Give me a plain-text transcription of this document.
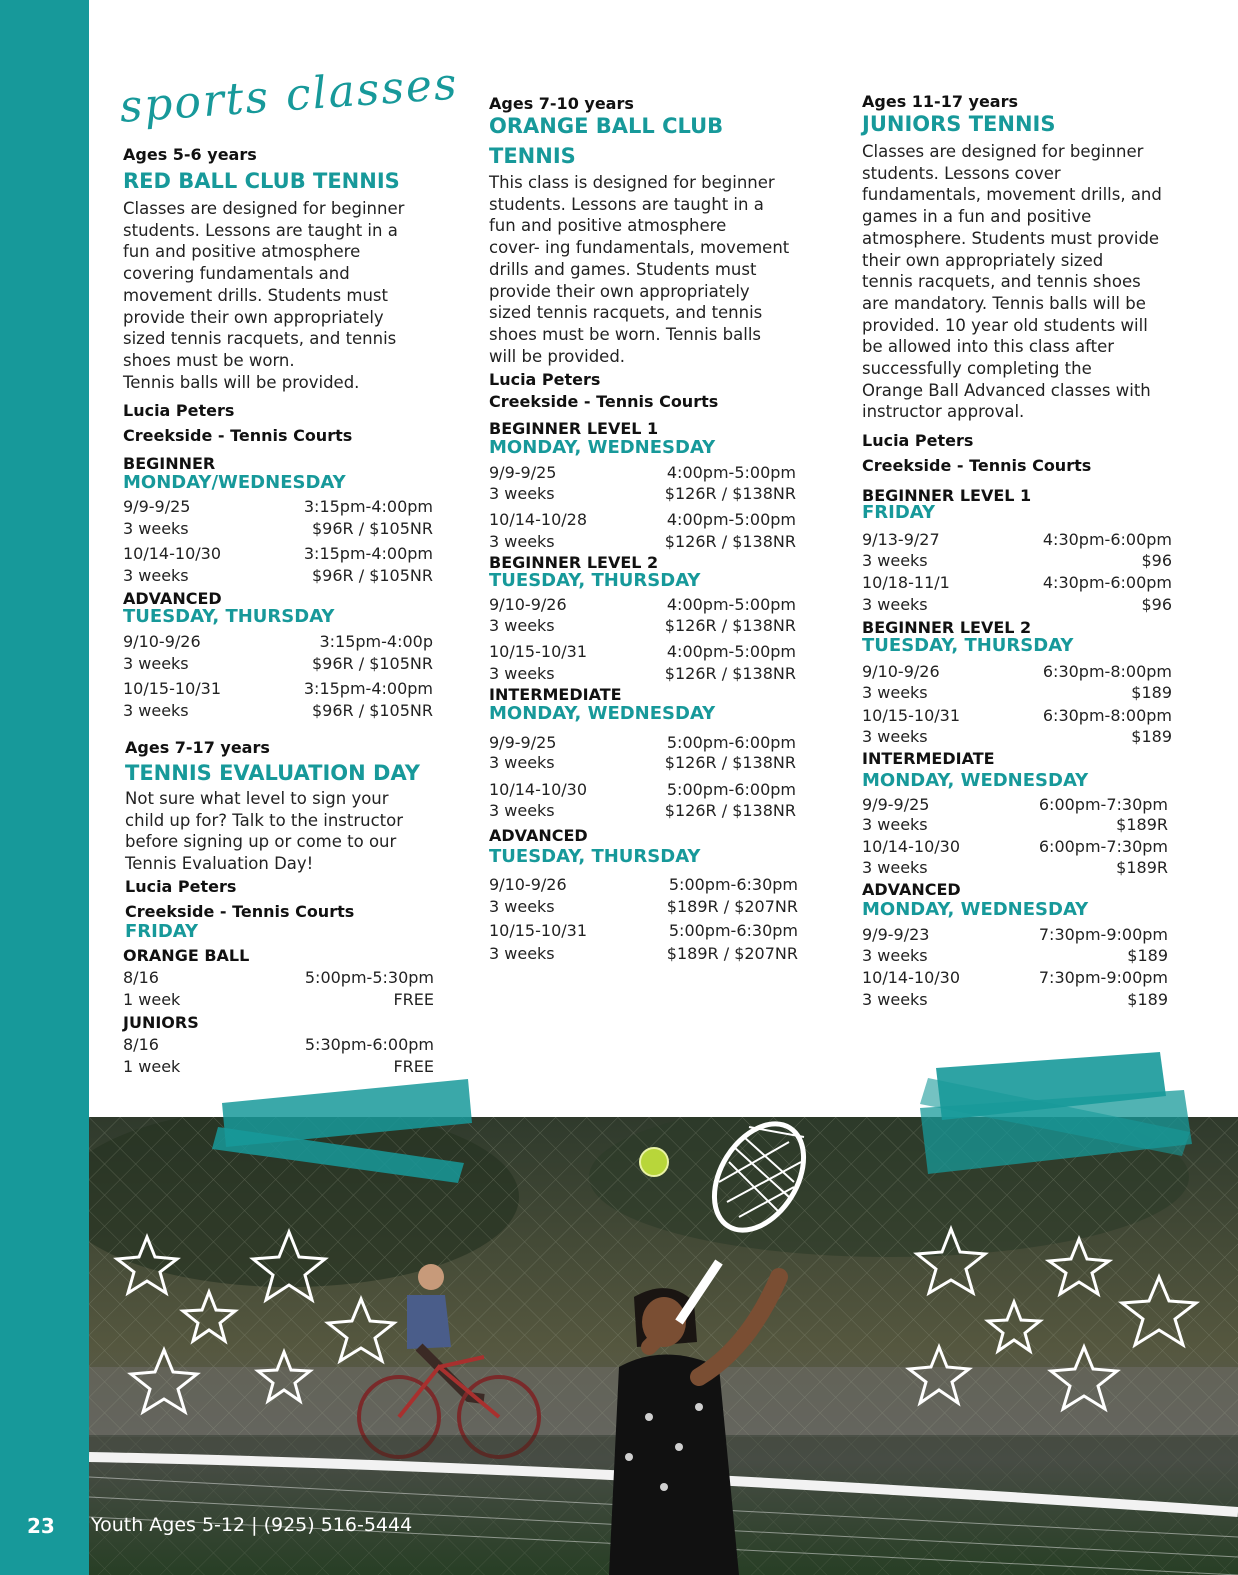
sports classes
Ages 5-6 years
RED BALL CLUB TENNIS
Classes are designed for beginner
students. Lessons are taught in a
fun and positive atmosphere
covering fundamentals and
movement drills. Students must
provide their own appropriately
sized tennis racquets, and tennis
shoes must be worn.
Tennis balls will be provided.
Lucia Peters
Creekside - Tennis Courts
BEGINNER
MONDAY/WEDNESDAY
9/9-9/25	3:15pm-4:00pm
3 weeks	$96R / $105NR
10/14-10/30	3:15pm-4:00pm
3 weeks	$96R / $105NR
ADVANCED
TUESDAY, THURSDAY
9/10-9/26	3:15pm-4:00p
3 weeks	$96R / $105NR
10/15-10/31	3:15pm-4:00pm
3 weeks	$96R / $105NR
Ages 7-17 years
TENNIS EVALUATION DAY
Not sure what level to sign your
child up for? Talk to the instructor
before signing up or come to our
Tennis Evaluation Day!
Lucia Peters
Creekside - Tennis Courts
FRIDAY
ORANGE BALL
8/16	5:00pm-5:30pm
1 week	FREE
JUNIORS
8/16	5:30pm-6:00pm
1 week	FREE
Ages 7-10 years
ORANGE BALL CLUB
TENNIS
This class is designed for beginner
students. Lessons are taught in a
fun and positive atmosphere
cover- ing fundamentals, movement
drills and games. Students must
provide their own appropriately
sized tennis racquets, and tennis
shoes must be worn. Tennis balls
will be provided.
Lucia Peters
Creekside - Tennis Courts
BEGINNER LEVEL 1
MONDAY, WEDNESDAY
9/9-9/25	4:00pm-5:00pm
3 weeks	$126R / $138NR
10/14-10/28	4:00pm-5:00pm
3 weeks	$126R / $138NR
BEGINNER LEVEL 2
TUESDAY, THURSDAY
9/10-9/26	4:00pm-5:00pm
3 weeks	$126R / $138NR
10/15-10/31	4:00pm-5:00pm
3 weeks	$126R / $138NR
INTERMEDIATE
MONDAY, WEDNESDAY
9/9-9/25	5:00pm-6:00pm
3 weeks	$126R / $138NR
10/14-10/30	5:00pm-6:00pm
3 weeks	$126R / $138NR
ADVANCED
TUESDAY, THURSDAY
9/10-9/26	5:00pm-6:30pm
3 weeks	$189R / $207NR
10/15-10/31	5:00pm-6:30pm
3 weeks	$189R / $207NR
Ages 11-17 years
JUNIORS TENNIS
Classes are designed for beginner
students. Lessons cover
fundamentals, movement drills, and
games in a fun and positive
atmosphere. Students must provide
their own appropriately sized
tennis racquets, and tennis shoes
are mandatory. Tennis balls will be
provided. 10 year old students will
be allowed into this class after
successfully completing the
Orange Ball Advanced classes with
instructor approval.
Lucia Peters
Creekside - Tennis Courts
BEGINNER LEVEL 1
FRIDAY
9/13-9/27	4:30pm-6:00pm
3 weeks	$96
10/18-11/1	4:30pm-6:00pm
3 weeks	$96
BEGINNER LEVEL 2
TUESDAY, THURSDAY
9/10-9/26	6:30pm-8:00pm
3 weeks	$189
10/15-10/31	6:30pm-8:00pm
3 weeks	$189
INTERMEDIATE
MONDAY, WEDNESDAY
9/9-9/25	6:00pm-7:30pm
3 weeks	$189R
10/14-10/30	6:00pm-7:30pm
3 weeks	$189R
ADVANCED
MONDAY, WEDNESDAY
9/9-9/23	7:30pm-9:00pm
3 weeks	$189
10/14-10/30	7:30pm-9:00pm
3 weeks	$189
23 Youth Ages 5-12 | (925) 516-5444
